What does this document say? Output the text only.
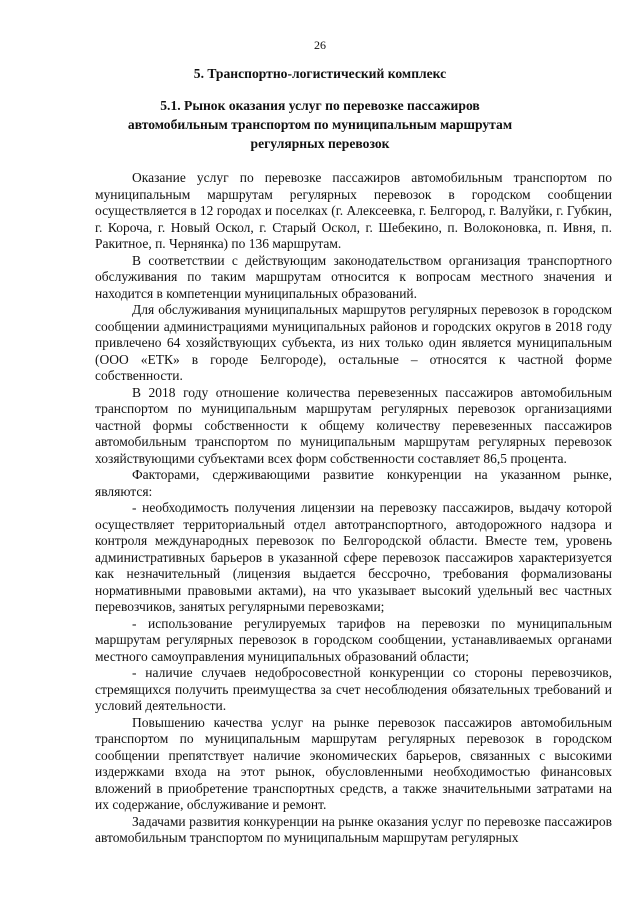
26
5. Транспортно-логистический комплекс
5.1. Рынок оказания услуг по перевозке пассажиров
автомобильным транспортом по муниципальным маршрутам
регулярных перевозок

Оказание услуг по перевозке пассажиров автомобильным транспортом по муниципальным маршрутам регулярных перевозок в городском сообщении осуществляется в 12 городах и поселках (г. Алексеевка, г. Белгород, г. Валуйки, г. Губкин, г. Короча, г. Новый Оскол, г. Старый Оскол, г. Шебекино, п. Волоконовка, п. Ивня, п. Ракитное, п. Чернянка) по 136 маршрутам.

В соответствии с действующим законодательством организация транспортного обслуживания по таким маршрутам относится к вопросам местного значения и находится в компетенции муниципальных образований.

Для обслуживания муниципальных маршрутов регулярных перевозок в городском сообщении администрациями муниципальных районов и городских округов в 2018 году привлечено 64 хозяйствующих субъекта, из них только один является муниципальным (ООО «ЕТК» в городе Белгороде), остальные – относятся к частной форме собственности.

В 2018 году отношение количества перевезенных пассажиров автомобильным транспортом по муниципальным маршрутам регулярных перевозок организациями частной формы собственности к общему количеству перевезенных пассажиров автомобильным транспортом по муниципальным маршрутам регулярных перевозок хозяйствующими субъектами всех форм собственности составляет 86,5 процента.

Факторами, сдерживающими развитие конкуренции на указанном рынке, являются:

- необходимость получения лицензии на перевозку пассажиров, выдачу которой осуществляет территориальный отдел автотранспортного, автодорожного надзора и контроля международных перевозок по Белгородской области. Вместе тем, уровень административных барьеров в указанной сфере перевозок пассажиров характеризуется как незначительный (лицензия выдается бессрочно, требования формализованы нормативными правовыми актами), на что указывает высокий удельный вес частных перевозчиков, занятых регулярными перевозками;

- использование регулируемых тарифов на перевозки по муниципальным маршрутам регулярных перевозок в городском сообщении, устанавливаемых органами местного самоуправления муниципальных образований области;

- наличие случаев недобросовестной конкуренции со стороны перевозчиков, стремящихся получить преимущества за счет несоблюдения обязательных требований и условий деятельности.

Повышению качества услуг на рынке перевозок пассажиров автомобильным транспортом по муниципальным маршрутам регулярных перевозок в городском сообщении препятствует наличие экономических барьеров, связанных с высокими издержками входа на этот рынок, обусловленными необходимостью финансовых вложений в приобретение транспортных средств, а также значительными затратами на их содержание, обслуживание и ремонт.

Задачами развития конкуренции на рынке оказания услуг по перевозке пассажиров автомобильным транспортом по муниципальным маршрутам регулярных
